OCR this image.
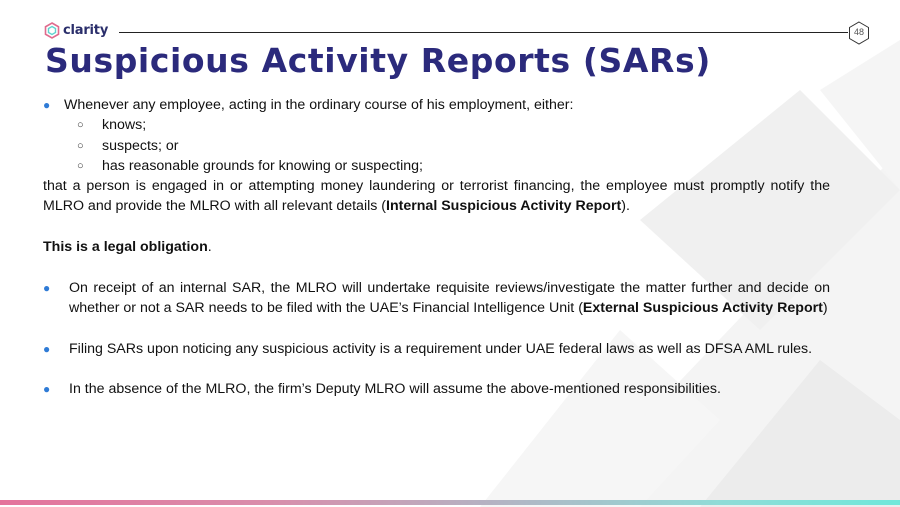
clarity	48
Suspicious Activity Reports (SARs)
● Whenever any employee, acting in the ordinary course of his employment, either:
○ knows;
○ suspects; or
○ has reasonable grounds for knowing or suspecting;
that a person is engaged in or attempting money laundering or terrorist financing, the employee must promptly notify the MLRO and provide the MLRO with all relevant details (Internal Suspicious Activity Report).
This is a legal obligation.
● On receipt of an internal SAR, the MLRO will undertake requisite reviews/investigate the matter further and decide on whether or not a SAR needs to be filed with the UAE’s Financial Intelligence Unit (External Suspicious Activity Report)
● Filing SARs upon noticing any suspicious activity is a requirement under UAE federal laws as well as DFSA AML rules.
● In the absence of the MLRO, the firm’s Deputy MLRO will assume the above-mentioned responsibilities.
